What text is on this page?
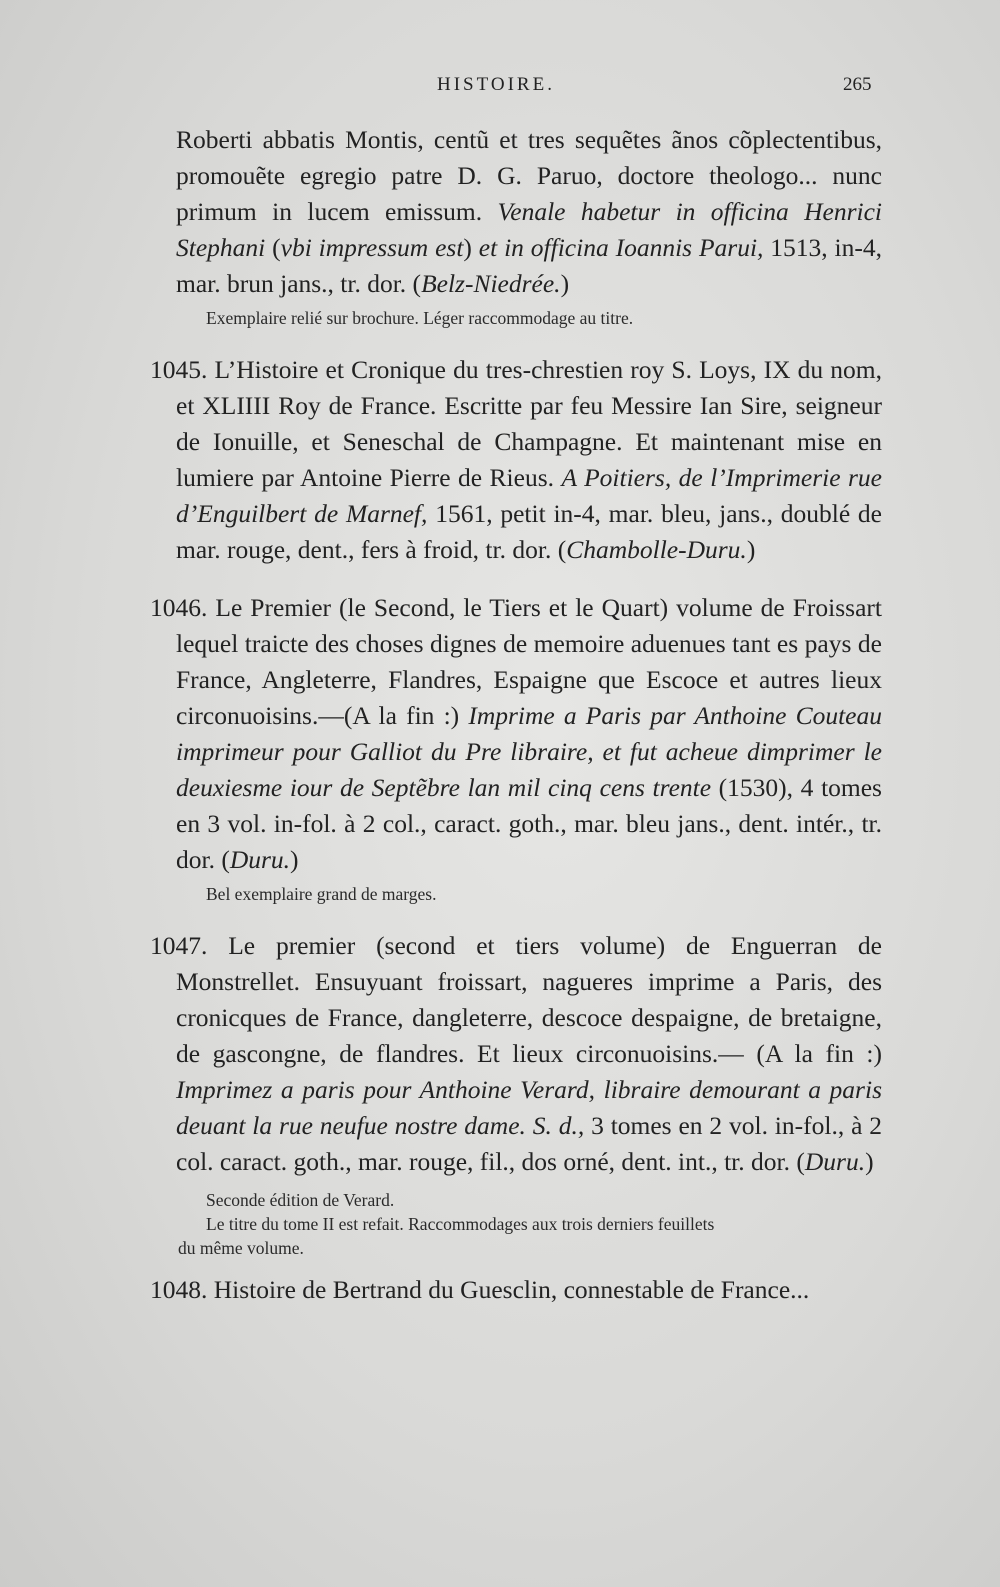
HISTOIRE.	265

Roberti abbatis Montis, centũ et tres sequẽtes ãnos cõplectentibus, promouẽte egregio patre D. G. Paruo, doctore theologo... nunc primum in lucem emissum. Venale habetur in officina Henrici Stephani (vbi impressum est) et in officina Ioannis Parui, 1513, in-4, mar. brun jans., tr. dor. (Belz-Niedrée.)

Exemplaire relié sur brochure. Léger raccommodage au titre.

1045. L’Histoire et Cronique du tres-chrestien roy S. Loys, IX du nom, et XLIIII Roy de France. Escritte par feu Messire Ian Sire, seigneur de Ionuille, et Seneschal de Champagne. Et maintenant mise en lumiere par Antoine Pierre de Rieus. A Poitiers, de l’Imprimerie rue d’Enguilbert de Marnef, 1561, petit in-4, mar. bleu, jans., doublé de mar. rouge, dent., fers à froid, tr. dor. (Chambolle-Duru.)

1046. Le Premier (le Second, le Tiers et le Quart) volume de Froissart lequel traicte des choses dignes de memoire aduenues tant es pays de France, Angleterre, Flandres, Espaigne que Escoce et autres lieux circonuoisins.—(A la fin :) Imprime a Paris par Anthoine Couteau imprimeur pour Galliot du Pre libraire, et fut acheue dimprimer le deuxiesme iour de Septẽbre lan mil cinq cens trente (1530), 4 tomes en 3 vol. in-fol. à 2 col., caract. goth., mar. bleu jans., dent. intér., tr. dor. (Duru.)

Bel exemplaire grand de marges.

1047. Le premier (second et tiers volume) de Enguerran de Monstrellet. Ensuyuant froissart, nagueres imprime a Paris, des cronicques de France, dangleterre, descoce despaigne, de bretaigne, de gascongne, de flandres. Et lieux circonuoisins.— (A la fin :) Imprimez a paris pour Anthoine Verard, libraire demourant a paris deuant la rue neufue nostre dame. S. d., 3 tomes en 2 vol. in-fol., à 2 col. caract. goth., mar. rouge, fil., dos orné, dent. int., tr. dor. (Duru.)

Seconde édition de Verard.

Le titre du tome II est refait. Raccommodages aux trois derniers feuillets

du même volume.

1048. Histoire de Bertrand du Guesclin, connestable de France...
